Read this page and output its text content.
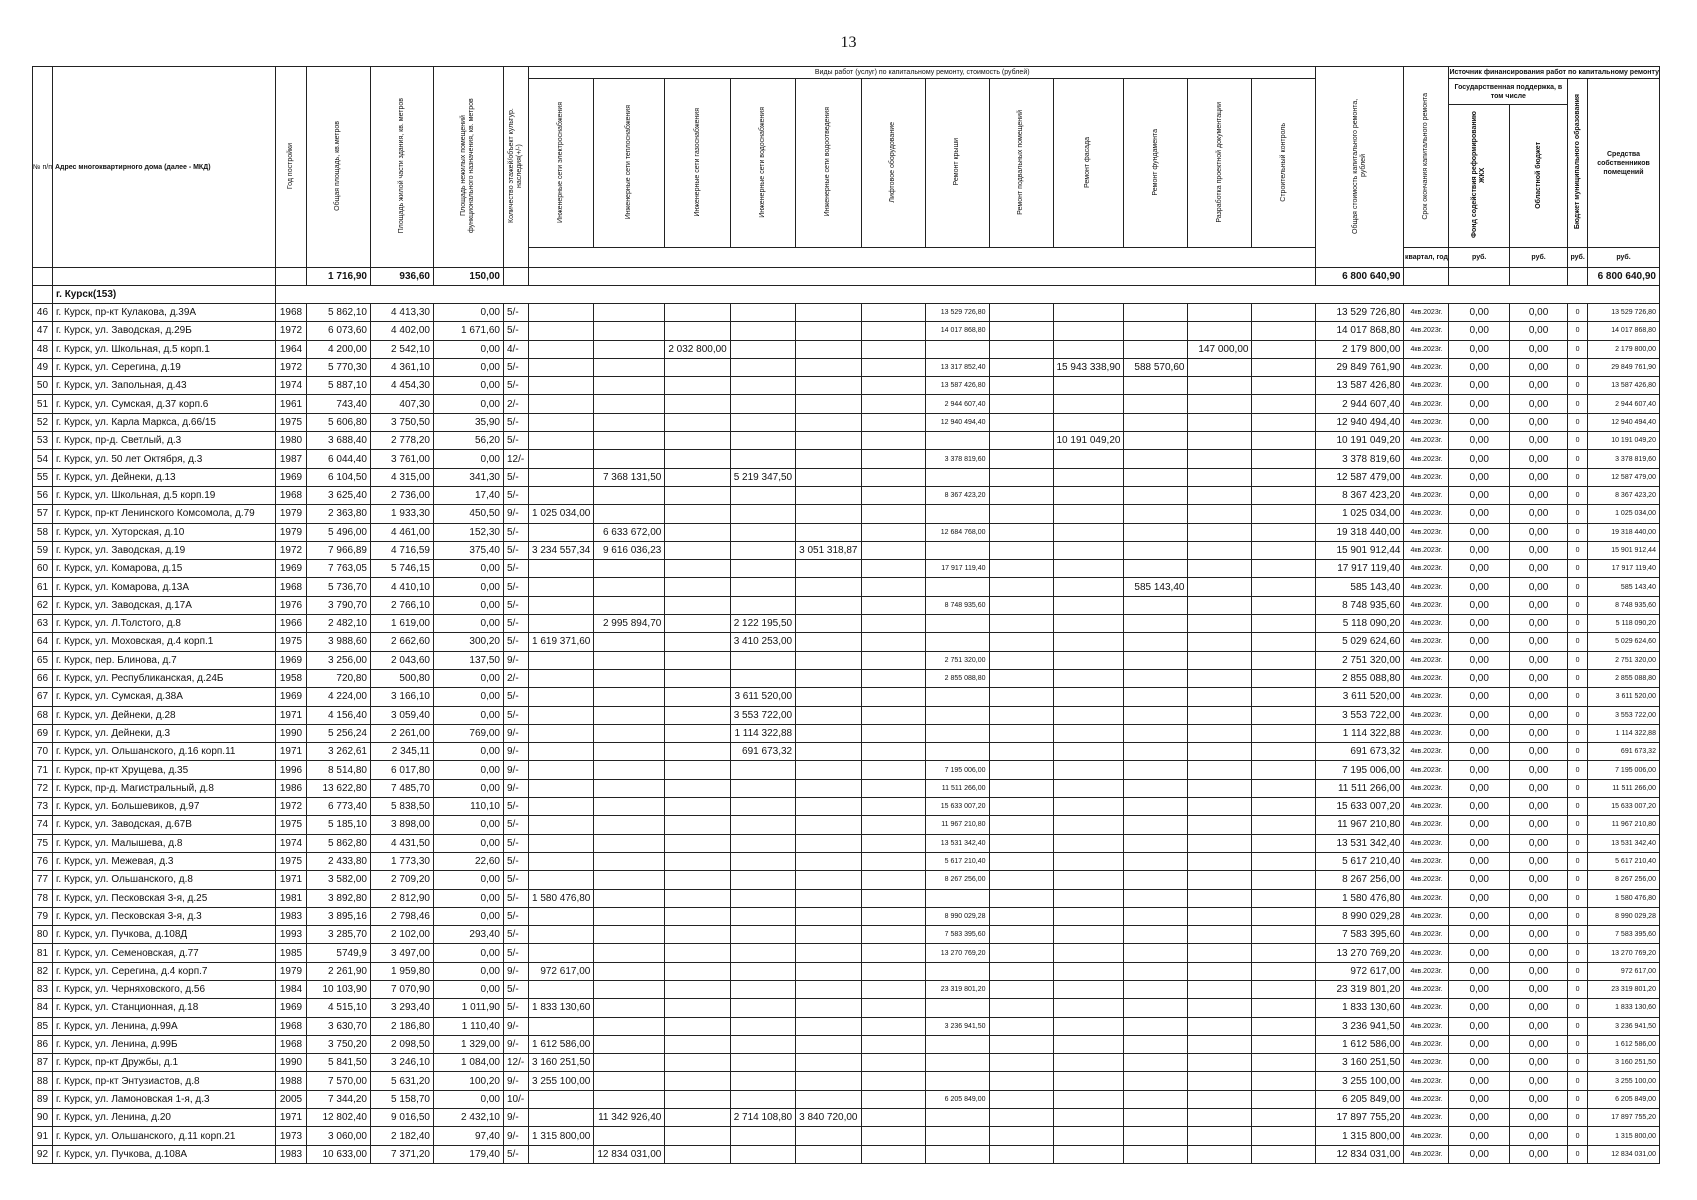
13
№ п/п	Адрес многоквартирного дома (далее - МКД)	Год постройки	Общая площадь, кв.метров	Площадь жилой части здания, кв. метров	Площадь нежилых помещений функционального назначения, кв. метров	Количество этажей/объект культур. наследия(+/-)	Виды работ (услуг) по капитальному ремонту, стоимость (рублей)												Общая стоимость капитального ремонта, рублей	Срок окончания капитального ремонта	Источник финансирования работ по капитальному ремонту			
							Инженерные сети электроснабжения	Инженерные сети теплоснабжения	Инженерные сети газоснабжения	Инженерные сети водоснабжения	Инженерные сети водоотведения	Лифтовое оборудование	Ремонт крыши	Ремонт подвальных помещений	Ремонт фасада	Ремонт фундамента	Разработка проектной документации	Строительный контроль			Государственная поддержка, в том числе		Бюджет муниципального образования	Средства собственников помещений

																					Фонд содействия реформированию ЖКХ	Областной бюджет		

																				квартал, год	руб.	руб.	руб.	руб.
			1 716,90	936,60	150,00														6 800 640,90					6 800 640,90
	г. Курск(153)																							
46	г. Курск, пр-кт Кулакова, д.39А	1968	5 862,10	4 413,30	0,00	5/-							13 529 726,80						13 529 726,80	4кв.2023г.	0,00	0,00	0	13 529 726,80
47	г. Курск, ул. Заводская, д.29Б	1972	6 073,60	4 402,00	1 671,60	5/-							14 017 868,80						14 017 868,80	4кв.2023г.	0,00	0,00	0	14 017 868,80
48	г. Курск, ул. Школьная, д.5 корп.1	1964	4 200,00	2 542,10	0,00	4/-			2 032 800,00								147 000,00		2 179 800,00	4кв.2023г.	0,00	0,00	0	2 179 800,00
49	г. Курск, ул. Серегина, д.19	1972	5 770,30	4 361,10	0,00	5/-							13 317 852,40		15 943 338,90	588 570,60			29 849 761,90	4кв.2023г.	0,00	0,00	0	29 849 761,90
50	г. Курск, ул. Запольная, д.43	1974	5 887,10	4 454,30	0,00	5/-							13 587 426,80						13 587 426,80	4кв.2023г.	0,00	0,00	0	13 587 426,80
51	г. Курск, ул. Сумская, д.37 корп.6	1961	743,40	407,30	0,00	2/-							2 944 607,40						2 944 607,40	4кв.2023г.	0,00	0,00	0	2 944 607,40
52	г. Курск, ул. Карла Маркса, д.66/15	1975	5 606,80	3 750,50	35,90	5/-							12 940 494,40						12 940 494,40	4кв.2023г.	0,00	0,00	0	12 940 494,40
53	г. Курск, пр-д. Светлый, д.3	1980	3 688,40	2 778,20	56,20	5/-									10 191 049,20				10 191 049,20	4кв.2023г.	0,00	0,00	0	10 191 049,20
54	г. Курск, ул. 50 лет Октября, д.3	1987	6 044,40	3 761,00	0,00	12/-							3 378 819,60						3 378 819,60	4кв.2023г.	0,00	0,00	0	3 378 819,60
55	г. Курск, ул. Дейнеки, д.13	1969	6 104,50	4 315,00	341,30	5/-		7 368 131,50		5 219 347,50									12 587 479,00	4кв.2023г.	0,00	0,00	0	12 587 479,00
56	г. Курск, ул. Школьная, д.5 корп.19	1968	3 625,40	2 736,00	17,40	5/-							8 367 423,20						8 367 423,20	4кв.2023г.	0,00	0,00	0	8 367 423,20
57	г. Курск, пр-кт Ленинского Комсомола, д.79	1979	2 363,80	1 933,30	450,50	9/-	1 025 034,00												1 025 034,00	4кв.2023г.	0,00	0,00	0	1 025 034,00
58	г. Курск, ул. Хуторская, д.10	1979	5 496,00	4 461,00	152,30	5/-		6 633 672,00					12 684 768,00						19 318 440,00	4кв.2023г.	0,00	0,00	0	19 318 440,00
59	г. Курск, ул. Заводская, д.19	1972	7 966,89	4 716,59	375,40	5/-	3 234 557,34	9 616 036,23			3 051 318,87								15 901 912,44	4кв.2023г.	0,00	0,00	0	15 901 912,44
60	г. Курск, ул. Комарова, д.15	1969	7 763,05	5 746,15	0,00	5/-							17 917 119,40						17 917 119,40	4кв.2023г.	0,00	0,00	0	17 917 119,40
61	г. Курск, ул. Комарова, д.13А	1968	5 736,70	4 410,10	0,00	5/-										585 143,40			585 143,40	4кв.2023г.	0,00	0,00	0	585 143,40
62	г. Курск, ул. Заводская, д.17А	1976	3 790,70	2 766,10	0,00	5/-							8 748 935,60						8 748 935,60	4кв.2023г.	0,00	0,00	0	8 748 935,60
63	г. Курск, ул. Л.Толстого, д.8	1966	2 482,10	1 619,00	0,00	5/-		2 995 894,70		2 122 195,50									5 118 090,20	4кв.2023г.	0,00	0,00	0	5 118 090,20
64	г. Курск, ул. Моховская, д.4 корп.1	1975	3 988,60	2 662,60	300,20	5/-	1 619 371,60			3 410 253,00									5 029 624,60	4кв.2023г.	0,00	0,00	0	5 029 624,60
65	г. Курск, пер. Блинова, д.7	1969	3 256,00	2 043,60	137,50	9/-							2 751 320,00						2 751 320,00	4кв.2023г.	0,00	0,00	0	2 751 320,00
66	г. Курск, ул. Республиканская, д.24Б	1958	720,80	500,80	0,00	2/-							2 855 088,80						2 855 088,80	4кв.2023г.	0,00	0,00	0	2 855 088,80
67	г. Курск, ул. Сумская, д.38А	1969	4 224,00	3 166,10	0,00	5/-				3 611 520,00									3 611 520,00	4кв.2023г.	0,00	0,00	0	3 611 520,00
68	г. Курск, ул. Дейнеки, д.28	1971	4 156,40	3 059,40	0,00	5/-				3 553 722,00									3 553 722,00	4кв.2023г.	0,00	0,00	0	3 553 722,00
69	г. Курск, ул. Дейнеки, д.3	1990	5 256,24	2 261,00	769,00	9/-				1 114 322,88									1 114 322,88	4кв.2023г.	0,00	0,00	0	1 114 322,88
70	г. Курск, ул. Ольшанского, д.16 корп.11	1971	3 262,61	2 345,11	0,00	9/-				691 673,32									691 673,32	4кв.2023г.	0,00	0,00	0	691 673,32
71	г. Курск, пр-кт Хрущева, д.35	1996	8 514,80	6 017,80	0,00	9/-							7 195 006,00						7 195 006,00	4кв.2023г.	0,00	0,00	0	7 195 006,00
72	г. Курск, пр-д. Магистральный, д.8	1986	13 622,80	7 485,70	0,00	9/-							11 511 266,00						11 511 266,00	4кв.2023г.	0,00	0,00	0	11 511 266,00
73	г. Курск, ул. Большевиков, д.97	1972	6 773,40	5 838,50	110,10	5/-							15 633 007,20						15 633 007,20	4кв.2023г.	0,00	0,00	0	15 633 007,20
74	г. Курск, ул. Заводская, д.67В	1975	5 185,10	3 898,00	0,00	5/-							11 967 210,80						11 967 210,80	4кв.2023г.	0,00	0,00	0	11 967 210,80
75	г. Курск, ул. Малышева, д.8	1974	5 862,80	4 431,50	0,00	5/-							13 531 342,40						13 531 342,40	4кв.2023г.	0,00	0,00	0	13 531 342,40
76	г. Курск, ул. Межевая, д.3	1975	2 433,80	1 773,30	22,60	5/-							5 617 210,40						5 617 210,40	4кв.2023г.	0,00	0,00	0	5 617 210,40
77	г. Курск, ул. Ольшанского, д.8	1971	3 582,00	2 709,20	0,00	5/-							8 267 256,00						8 267 256,00	4кв.2023г.	0,00	0,00	0	8 267 256,00
78	г. Курск, ул. Песковская 3-я, д.25	1981	3 892,80	2 812,90	0,00	5/-	1 580 476,80												1 580 476,80	4кв.2023г.	0,00	0,00	0	1 580 476,80
79	г. Курск, ул. Песковская 3-я, д.3	1983	3 895,16	2 798,46	0,00	5/-							8 990 029,28						8 990 029,28	4кв.2023г.	0,00	0,00	0	8 990 029,28
80	г. Курск, ул. Пучкова, д.108Д	1993	3 285,70	2 102,00	293,40	5/-							7 583 395,60						7 583 395,60	4кв.2023г.	0,00	0,00	0	7 583 395,60
81	г. Курск, ул. Семеновская, д.77	1985	5749,9	3 497,00	0,00	5/-							13 270 769,20						13 270 769,20	4кв.2023г.	0,00	0,00	0	13 270 769,20
82	г. Курск, ул. Серегина, д.4 корп.7	1979	2 261,90	1 959,80	0,00	9/-	972 617,00												972 617,00	4кв.2023г.	0,00	0,00	0	972 617,00
83	г. Курск, ул. Черняховского, д.56	1984	10 103,90	7 070,90	0,00	5/-							23 319 801,20						23 319 801,20	4кв.2023г.	0,00	0,00	0	23 319 801,20
84	г. Курск, ул. Станционная, д.18	1969	4 515,10	3 293,40	1 011,90	5/-	1 833 130,60												1 833 130,60	4кв.2023г.	0,00	0,00	0	1 833 130,60
85	г. Курск, ул. Ленина, д.99А	1968	3 630,70	2 186,80	1 110,40	9/-							3 236 941,50						3 236 941,50	4кв.2023г.	0,00	0,00	0	3 236 941,50
86	г. Курск, ул. Ленина, д.99Б	1968	3 750,20	2 098,50	1 329,00	9/-	1 612 586,00												1 612 586,00	4кв.2023г.	0,00	0,00	0	1 612 586,00
87	г. Курск, пр-кт Дружбы, д.1	1990	5 841,50	3 246,10	1 084,00	12/-	3 160 251,50												3 160 251,50	4кв.2023г.	0,00	0,00	0	3 160 251,50
88	г. Курск, пр-кт Энтузиастов, д.8	1988	7 570,00	5 631,20	100,20	9/-	3 255 100,00												3 255 100,00	4кв.2023г.	0,00	0,00	0	3 255 100,00
89	г. Курск, ул. Ламоновская 1-я, д.3	2005	7 344,20	5 158,70	0,00	10/-							6 205 849,00						6 205 849,00	4кв.2023г.	0,00	0,00	0	6 205 849,00
90	г. Курск, ул. Ленина, д.20	1971	12 802,40	9 016,50	2 432,10	9/-		11 342 926,40		2 714 108,80	3 840 720,00								17 897 755,20	4кв.2023г.	0,00	0,00	0	17 897 755,20
91	г. Курск, ул. Ольшанского, д.11 корп.21	1973	3 060,00	2 182,40	97,40	9/-	1 315 800,00												1 315 800,00	4кв.2023г.	0,00	0,00	0	1 315 800,00
92	г. Курск, ул. Пучкова, д.108А	1983	10 633,00	7 371,20	179,40	5/-		12 834 031,00											12 834 031,00	4кв.2023г.	0,00	0,00	0	12 834 031,00
